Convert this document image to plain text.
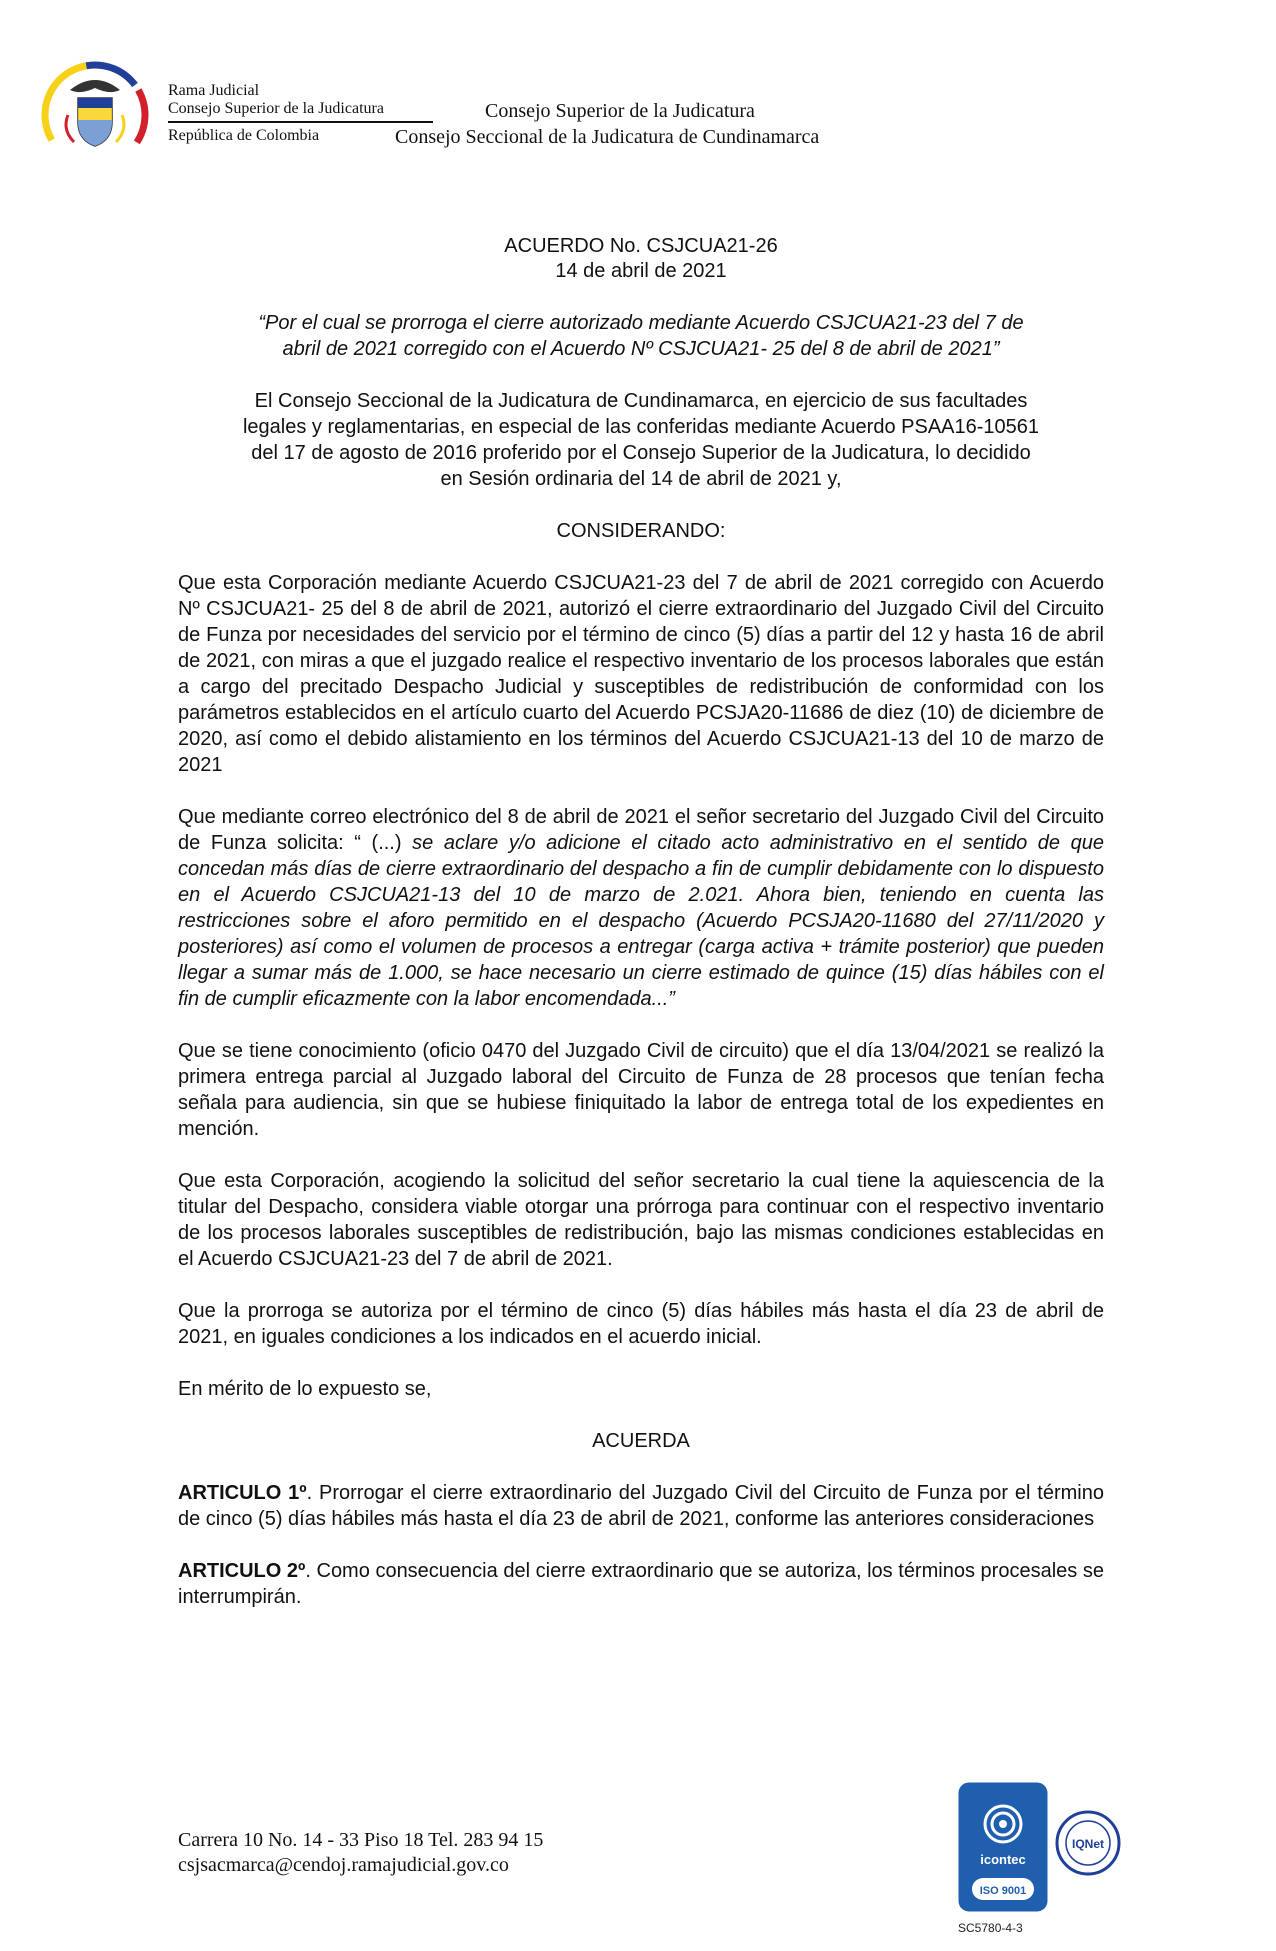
Rama Judicial
Consejo Superior de la Judicatura
República de Colombia
Consejo Superior de la Judicatura
Consejo Seccional de la Judicatura de Cundinamarca

ACUERDO No. CSJCUA21-26

14 de abril de 2021

“Por el cual se prorroga el cierre autorizado mediante Acuerdo CSJCUA21-23 del 7 de

abril de 2021 corregido con el Acuerdo Nº CSJCUA21- 25 del 8 de abril de 2021”

El Consejo Seccional de la Judicatura de Cundinamarca, en ejercicio de sus facultades

legales y reglamentarias, en especial de las conferidas mediante Acuerdo PSAA16-10561

del 17 de agosto de 2016 proferido por el Consejo Superior de la Judicatura, lo decidido

en Sesión ordinaria del 14 de abril de 2021 y,

CONSIDERANDO:

Que esta Corporación mediante Acuerdo CSJCUA21-23 del 7 de abril de 2021 corregido con Acuerdo Nº CSJCUA21- 25 del 8 de abril de 2021, autorizó el cierre extraordinario del Juzgado Civil del Circuito de Funza por necesidades del servicio por el término de cinco (5) días a partir del 12 y hasta 16 de abril de 2021, con miras a que el juzgado realice el respectivo inventario de los procesos laborales que están a cargo del precitado Despacho Judicial y susceptibles de redistribución de conformidad con los parámetros establecidos en el artículo cuarto del Acuerdo PCSJA20-11686 de diez (10) de diciembre de 2020, así como el debido alistamiento en los términos del Acuerdo CSJCUA21-13 del 10 de marzo de 2021

Que mediante correo electrónico del 8 de abril de 2021 el señor secretario del Juzgado Civil del Circuito de Funza solicita: “ (...) se aclare y/o adicione el citado acto administrativo en el sentido de que concedan más días de cierre extraordinario del despacho a fin de cumplir debidamente con lo dispuesto en el Acuerdo CSJCUA21-13 del 10 de marzo de 2.021. Ahora bien, teniendo en cuenta las restricciones sobre el aforo permitido en el despacho (Acuerdo PCSJA20-11680 del 27/11/2020 y posteriores) así como el volumen de procesos a entregar (carga activa + trámite posterior) que pueden llegar a sumar más de 1.000, se hace necesario un cierre estimado de quince (15) días hábiles con el fin de cumplir eficazmente con la labor encomendada...”

Que se tiene conocimiento (oficio 0470 del Juzgado Civil de circuito) que el día 13/04/2021 se realizó la primera entrega parcial al Juzgado laboral del Circuito de Funza de 28 procesos que tenían fecha señala para audiencia, sin que se hubiese finiquitado la labor de entrega total de los expedientes en mención.

Que esta Corporación, acogiendo la solicitud del señor secretario la cual tiene la aquiescencia de la titular del Despacho, considera viable otorgar una prórroga para continuar con el respectivo inventario de los procesos laborales susceptibles de redistribución, bajo las mismas condiciones establecidas en el Acuerdo CSJCUA21-23 del 7 de abril de 2021.

Que la prorroga se autoriza por el término de cinco (5) días hábiles más hasta el día 23 de abril de 2021, en iguales condiciones a los indicados en el acuerdo inicial.

En mérito de lo expuesto se,

ACUERDA

ARTICULO 1º. Prorrogar el cierre extraordinario del Juzgado Civil del Circuito de Funza por el término de cinco (5) días hábiles más hasta el día 23 de abril de 2021, conforme las anteriores consideraciones

ARTICULO 2º. Como consecuencia del cierre extraordinario que se autoriza, los términos procesales se interrumpirán.

Carrera 10 No. 14 - 33 Piso 18 Tel. 283 94 15
csjsacmarca@cendoj.ramajudicial.gov.co	icontec
ISO 9001
IQNet
SC5780-4-3
